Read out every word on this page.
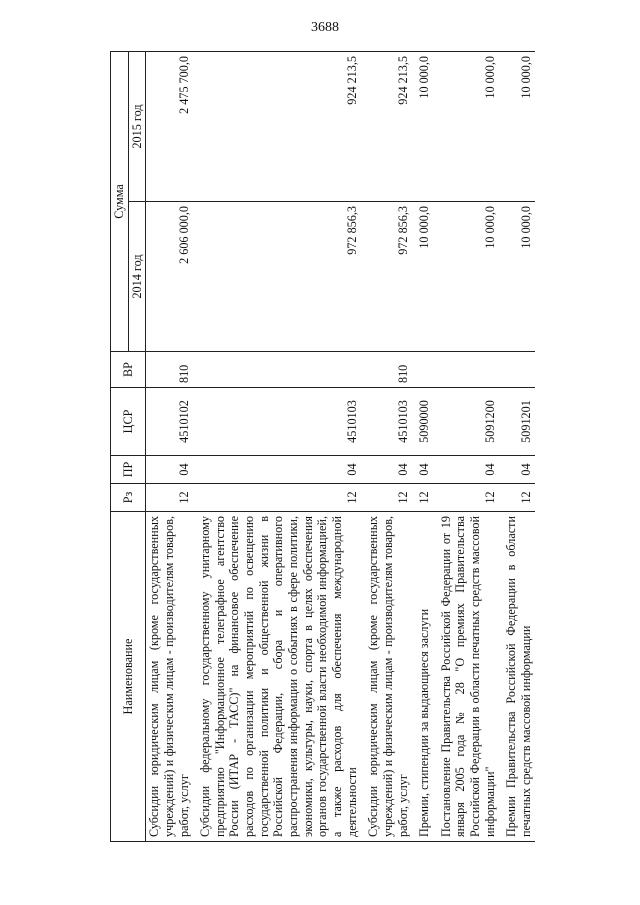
3688
Наименование	Рз	ПР	ЦСР	ВР	Сумма	
					2014 год	2015 год
Субсидии юридическим лицам (кроме государственных учреждений) и физическим лицам - производителям товаров, работ, услуг	12	04	4510102	810	2 606 000,0	2 475 700,0
Субсидии федеральному государственному унитарному предприятию "Информационное телеграфное агентство России (ИТАР - ТАСС)" на финансовое обеспечение расходов по организации мероприятий по освещению государственной политики и общественной жизни в Российской Федерации, сбора и оперативного распространения информации о событиях в сфере политики, экономики, культуры, науки, спорта в целях обеспечения органов государственной власти необходимой информацией, а также расходов для обеспечения международной деятельности	12	04	4510103		972 856,3	924 213,5
Субсидии юридическим лицам (кроме государственных учреждений) и физическим лицам - производителям товаров, работ, услуг	12	04	4510103	810	972 856,3	924 213,5
Премии, стипендии за выдающиеся заслуги	12	04	5090000		10 000,0	10 000,0
Постановление Правительства Российской Федерации от 19 января 2005 года № 28 "О премиях Правительства Российской Федерации в области печатных средств массовой информации"	12	04	5091200		10 000,0	10 000,0
Премии Правительства Российской Федерации в области печатных средств массовой информации	12	04	5091201		10 000,0	10 000,0
